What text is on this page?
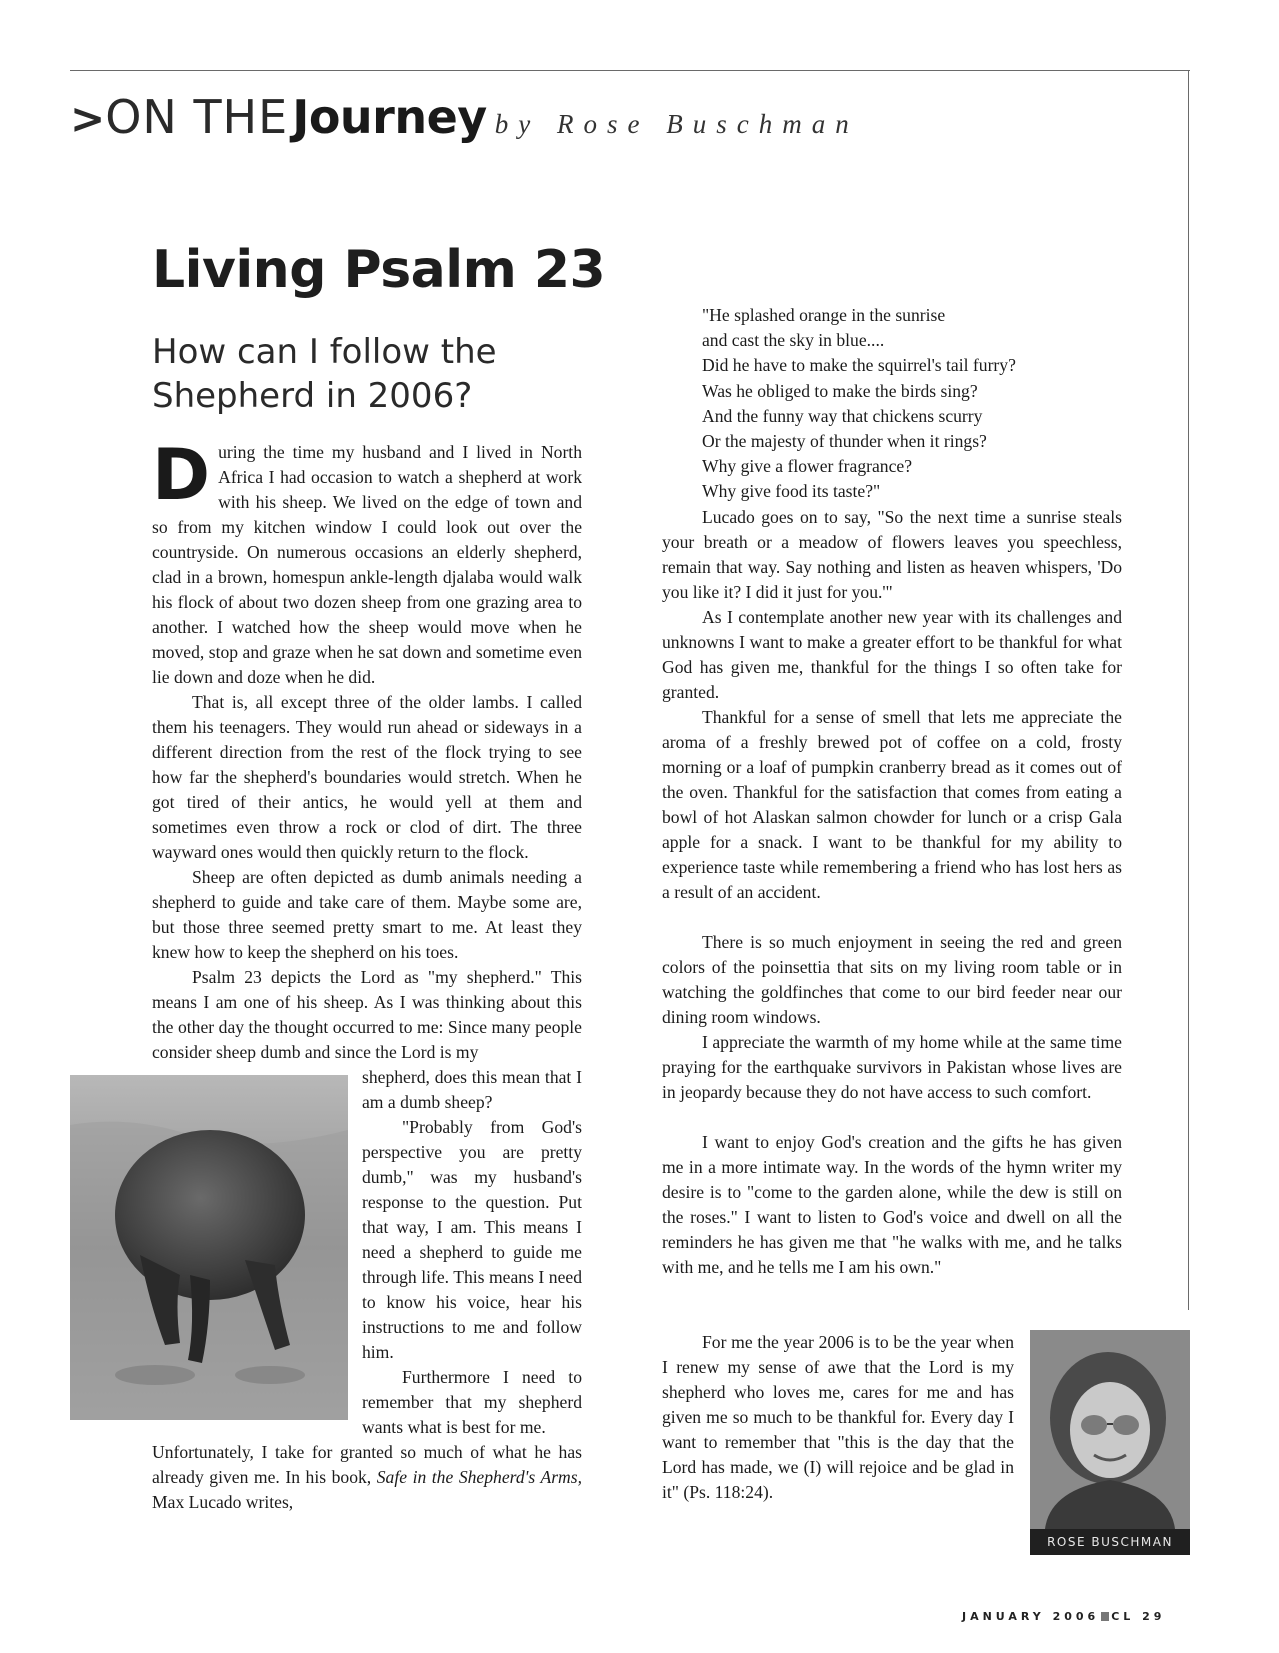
>ON THE Journey by Rose Buschman
Living Psalm 23
How can I follow the Shepherd in 2006?
During the time my husband and I lived in North Africa I had occasion to watch a shepherd at work with his sheep. We lived on the edge of town and so from my kitchen window I could look out over the countryside. On numerous occasions an elderly shepherd, clad in a brown, homespun ankle-length djalaba would walk his flock of about two dozen sheep from one grazing area to another. I watched how the sheep would move when he moved, stop and graze when he sat down and sometime even lie down and doze when he did.
That is, all except three of the older lambs. I called them his teenagers. They would run ahead or sideways in a different direction from the rest of the flock trying to see how far the shepherd's boundaries would stretch. When he got tired of their antics, he would yell at them and sometimes even throw a rock or clod of dirt. The three wayward ones would then quickly return to the flock.
Sheep are often depicted as dumb animals needing a shepherd to guide and take care of them. Maybe some are, but those three seemed pretty smart to me. At least they knew how to keep the shepherd on his toes.
Psalm 23 depicts the Lord as "my shepherd." This means I am one of his sheep. As I was thinking about this the other day the thought occurred to me: Since many people consider sheep dumb and since the Lord is my
shepherd, does this mean that I am a dumb sheep?
"Probably from God's perspective you are pretty dumb," was my husband's response to the question. Put that way, I am. This means I need a shepherd to guide me through life. This means I need to know his voice, hear his instructions to me and follow him.
Furthermore I need to remember that my shepherd wants what is best for me.
Unfortunately, I take for granted so much of what he has already given me. In his book, Safe in the Shepherd's Arms, Max Lucado writes,

"He splashed orange in the sunrise

and cast the sky in blue....

Did he have to make the squirrel's tail furry?

Was he obliged to make the birds sing?

And the funny way that chickens scurry

Or the majesty of thunder when it rings?

Why give a flower fragrance?

Why give food its taste?"

Lucado goes on to say, "So the next time a sunrise steals your breath or a meadow of flowers leaves you speechless, remain that way. Say nothing and listen as heaven whispers, 'Do you like it? I did it just for you.'"
As I contemplate another new year with its challenges and unknowns I want to make a greater effort to be thankful for what God has given me, thankful for the things I so often take for granted.
Thankful for a sense of smell that lets me appreciate the aroma of a freshly brewed pot of coffee on a cold, frosty morning or a loaf of pumpkin cranberry bread as it comes out of the oven. Thankful for the satisfaction that comes from eating a bowl of hot Alaskan salmon chowder for lunch or a crisp Gala apple for a snack. I want to be thankful for my ability to experience taste while remembering a friend who has lost hers as a result of an accident.
There is so much enjoyment in seeing the red and green colors of the poinsettia that sits on my living room table or in watching the goldfinches that come to our bird feeder near our dining room windows.
I appreciate the warmth of my home while at the same time praying for the earthquake survivors in Pakistan whose lives are in jeopardy because they do not have access to such comfort.
I want to enjoy God's creation and the gifts he has given me in a more intimate way. In the words of the hymn writer my desire is to "come to the garden alone, while the dew is still on the roses." I want to listen to God's voice and dwell on all the reminders he has given me that "he walks with me, and he talks with me, and he tells me I am his own."
For me the year 2006 is to be the year when I renew my sense of awe that the Lord is my shepherd who loves me, cares for me and has given me so much to be thankful for. Every day I want to remember that "this is the day that the Lord has made, we (I) will rejoice and be glad in it" (Ps. 118:24).
ROSE BUSCHMAN
JANUARY 2006 CL 29
